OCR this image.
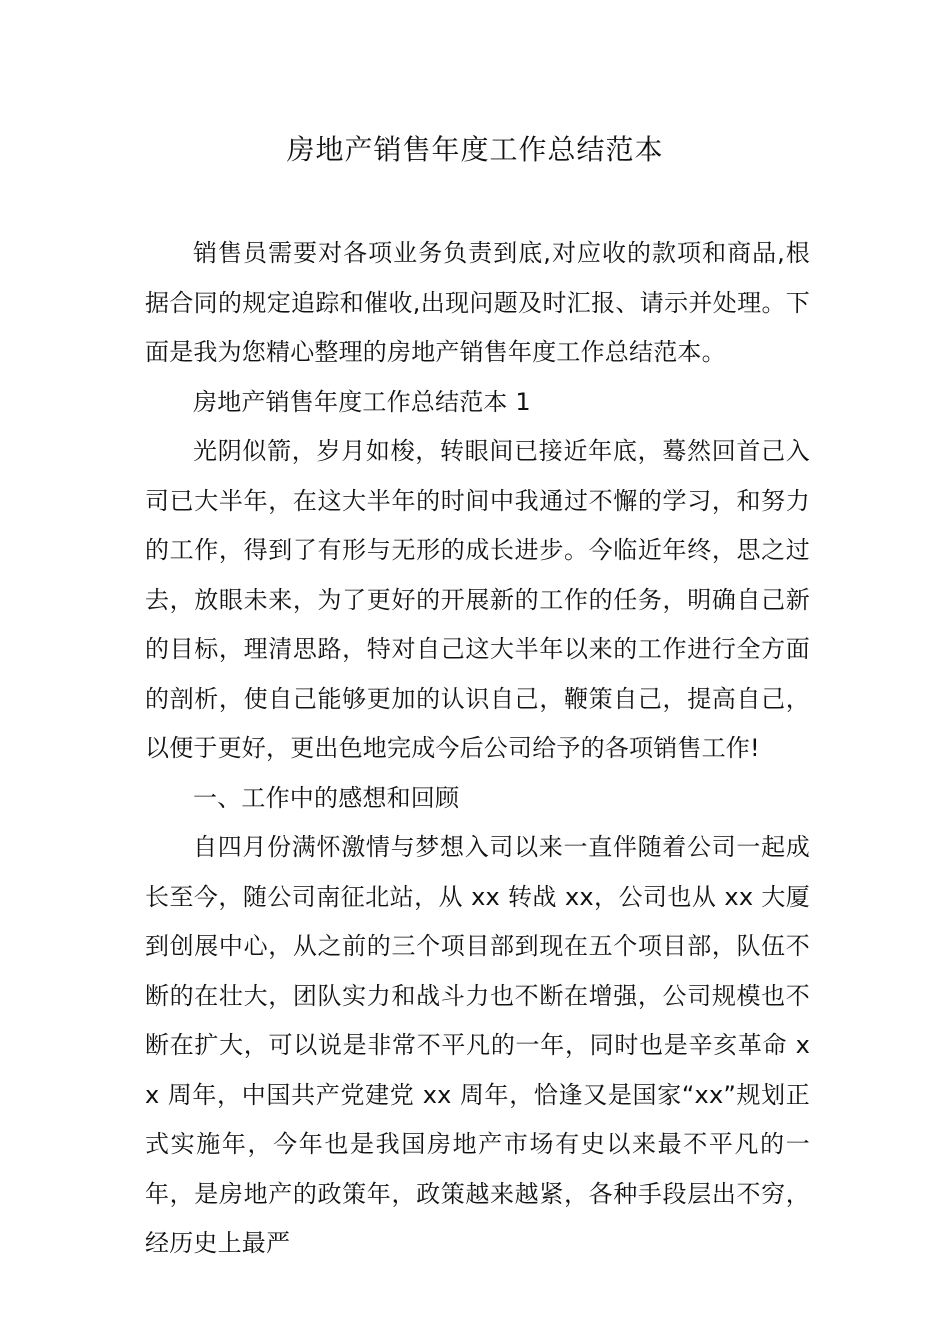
房地产销售年度工作总结范本

销售员需要对各项业务负责到底,对应收的款项和商品,根据合同的规定追踪和催收,出现问题及时汇报、请示并处理。下面是我为您精心整理的房地产销售年度工作总结范本。

房地产销售年度工作总结范本 1

光阴似箭，岁月如梭，转眼间已接近年底，蓦然回首己入司已大半年，在这大半年的时间中我通过不懈的学习，和努力的工作，得到了有形与无形的成长进步。今临近年终，思之过去，放眼未来，为了更好的开展新的工作的任务，明确自己新的目标，理清思路，特对自己这大半年以来的工作进行全方面的剖析，使自己能够更加的认识自己，鞭策自己，提高自己，以便于更好，更出色地完成今后公司给予的各项销售工作!

一、工作中的感想和回顾

自四月份满怀激情与梦想入司以来一直伴随着公司一起成长至今，随公司南征北站，从 xx 转战 xx，公司也从 xx 大厦到创展中心，从之前的三个项目部到现在五个项目部，队伍不断的在壮大，团队实力和战斗力也不断在增强，公司规模也不断在扩大，可以说是非常不平凡的一年，同时也是辛亥革命 xx 周年，中国共产党建党 xx 周年，恰逢又是国家“xx”规划正式实施年，今年也是我国房地产市场有史以来最不平凡的一年，是房地产的政策年，政策越来越紧，各种手段层出不穷，经历史上最严
